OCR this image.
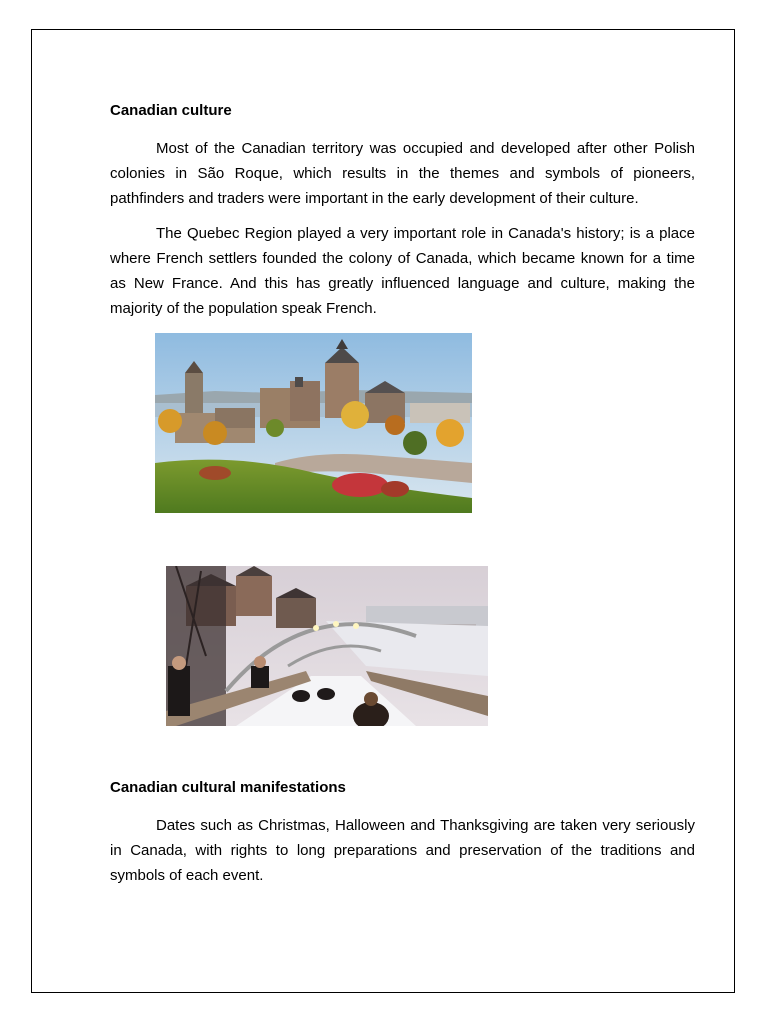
Canadian culture

Most of the Canadian territory was occupied and developed after other Polish colonies in São Roque, which results in the themes and symbols of pioneers, pathfinders and traders were important in the early development of their culture.

The Quebec Region played a very important role in Canada's history; is a place where French settlers founded the colony of Canada, which became known for a time as New France. And this has greatly influenced language and culture, making the majority of the population speak French.

Canadian cultural manifestations

Dates such as Christmas, Halloween and Thanksgiving are taken very seriously in Canada, with rights to long preparations and preservation of the traditions and symbols of each event.
